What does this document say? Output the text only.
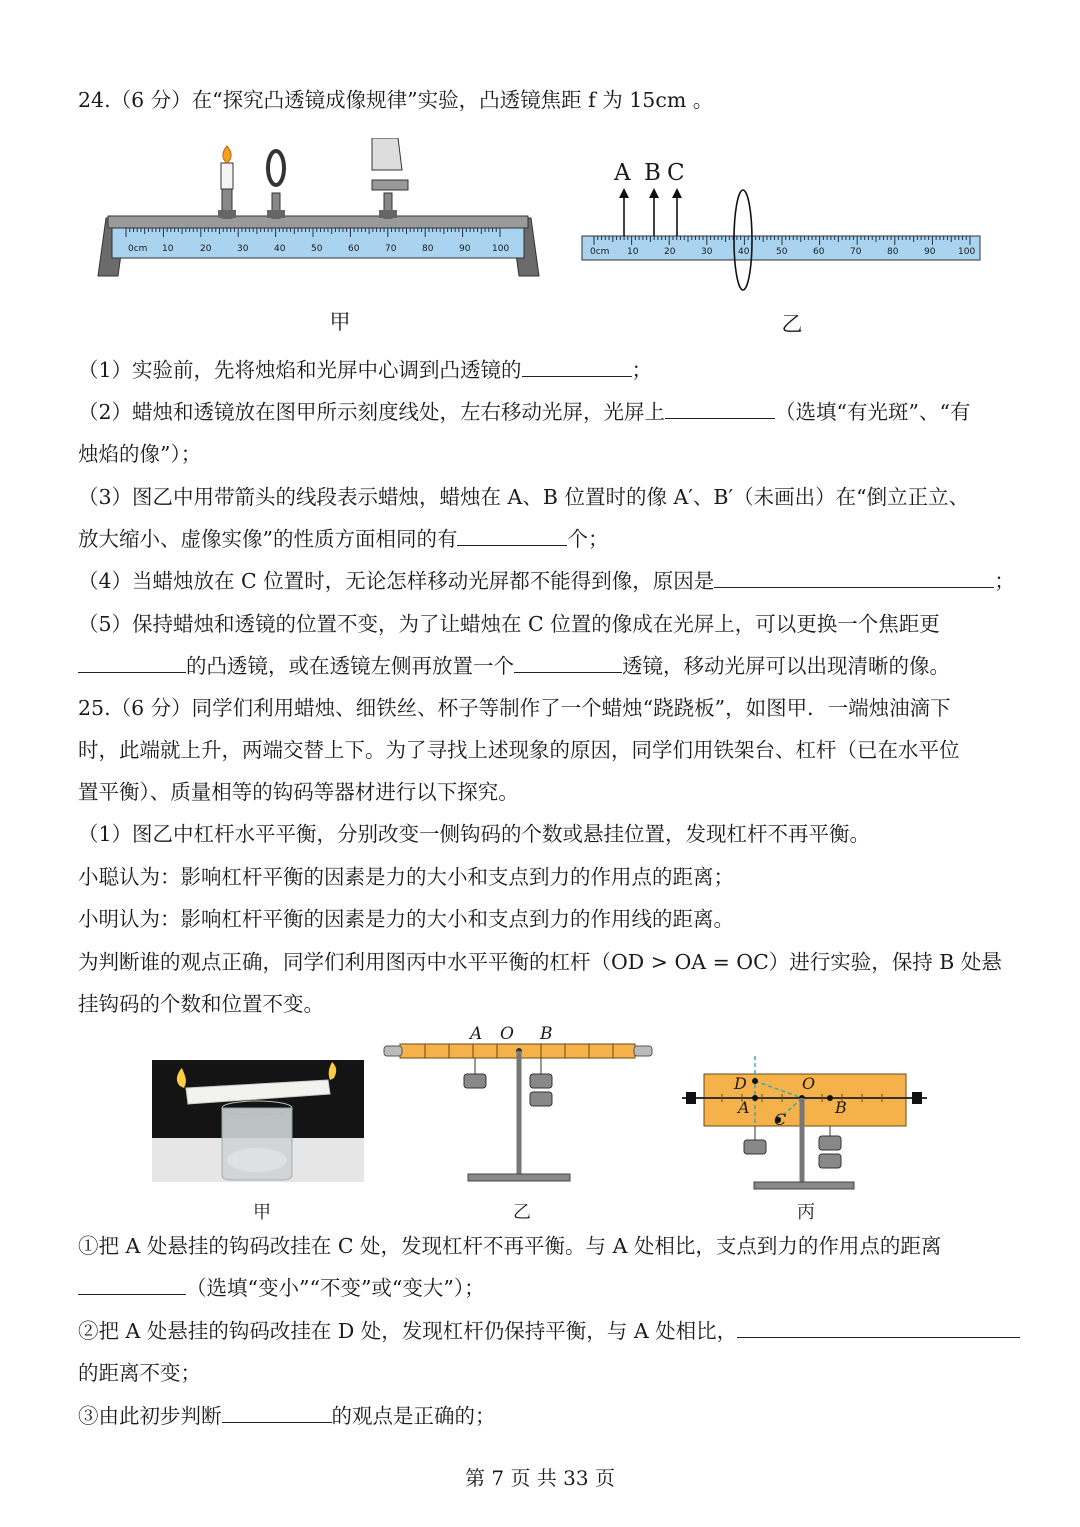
24.（6 分）在“探究凸透镜成像规律”实验，凸透镜焦距 f 为 15cm 。
0cm 10	20	30	40	50	60	70	80	90 100
A B C
0cm 10	20	30	40	50	60	70	80	90	100
甲	乙
（1）实验前，先将烛焰和光屏中心调到凸透镜的	；
（2）蜡烛和透镜放在图甲所示刻度线处，左右移动光屏，光屏上	（选填“有光斑”、“有
烛焰的像”）；
（3）图乙中用带箭头的线段表示蜡烛，蜡烛在 A、B 位置时的像 A′、B′（未画出）在“倒立正立、
放大缩小、虚像实像”的性质方面相同的有	个；
（4）当蜡烛放在 C 位置时，无论怎样移动光屏都不能得到像，原因是	；
（5）保持蜡烛和透镜的位置不变，为了让蜡烛在 C 位置的像成在光屏上，可以更换一个焦距更
的凸透镜，或在透镜左侧再放置一个	透镜，移动光屏可以出现清晰的像。
25.（6 分）同学们利用蜡烛、细铁丝、杯子等制作了一个蜡烛“跷跷板”，如图甲．一端烛油滴下
时，此端就上升，两端交替上下。为了寻找上述现象的原因，同学们用铁架台、杠杆（已在水平位
置平衡）、质量相等的钩码等器材进行以下探究。
（1）图乙中杠杆水平平衡，分别改变一侧钩码的个数或悬挂位置，发现杠杆不再平衡。
小聪认为：影响杠杆平衡的因素是力的大小和支点到力的作用点的距离；
小明认为：影响杠杆平衡的因素是力的大小和支点到力的作用线的距离。
为判断谁的观点正确，同学们利用图丙中水平平衡的杠杆（OD > OA = OC）进行实验，保持 B 处悬
挂钩码的个数和位置不变。
A O B
D	O
A
C
B
甲	乙	丙
①把 A 处悬挂的钩码改挂在 C 处，发现杠杆不再平衡。与 A 处相比，支点到力的作用点的距离
（选填“变小”“不变”或“变大”）；
②把 A 处悬挂的钩码改挂在 D 处，发现杠杆仍保持平衡，与 A 处相比，
的距离不变；
③由此初步判断	的观点是正确的；
第 7 页 共 33 页
